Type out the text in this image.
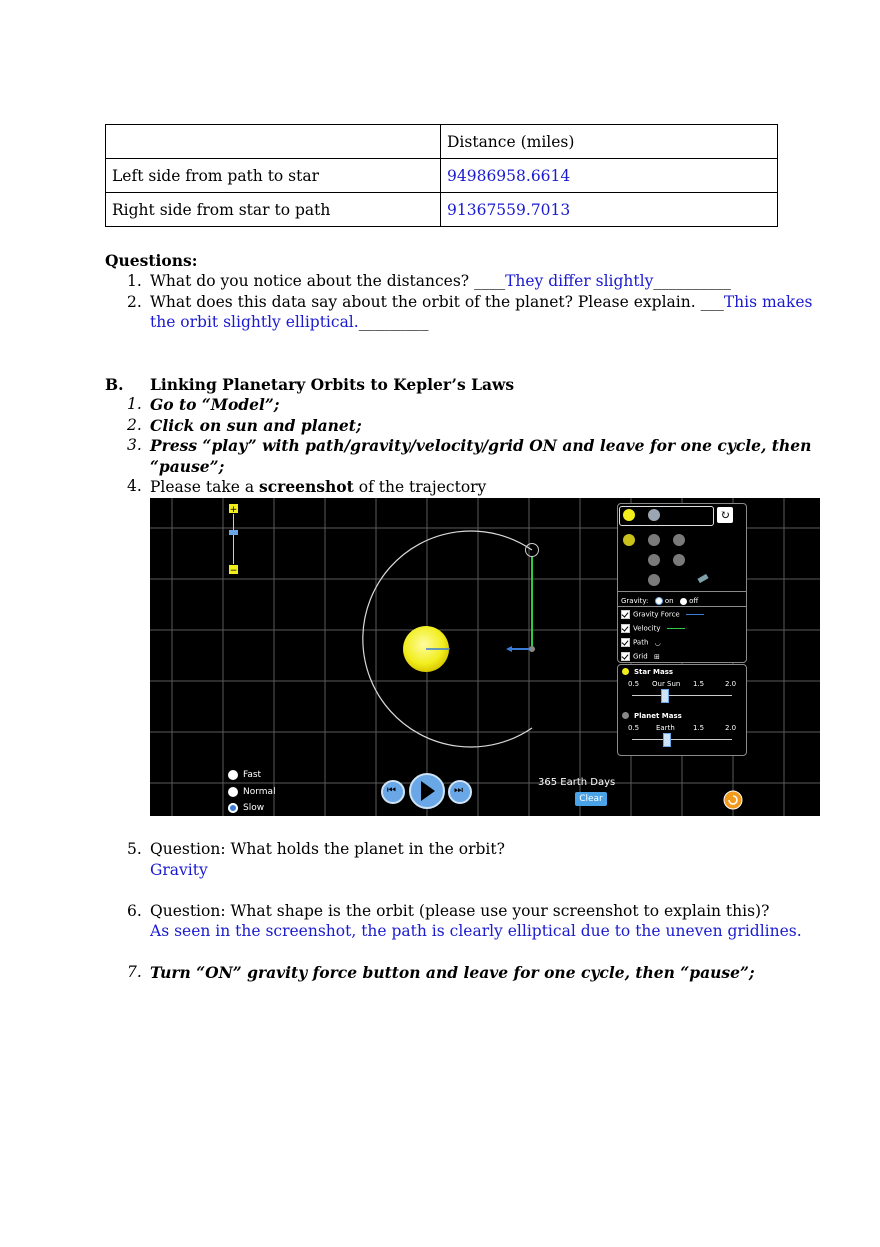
	Distance (miles)
Left side from path to star	94986958.6614
Right side from star to path	91367559.7013
Questions:
1. What do you notice about the distances? ____They differ slightly__________
2. What does this data say about the orbit of the planet? Please explain. ___This makes
the orbit slightly elliptical._________
B. Linking Planetary Orbits to Kepler’s Laws
1. Go to “Model”;
2. Click on sun and planet;
3. Press “play” with path/gravity/velocity/grid ON and leave for one cycle, then
“pause”;
4. Please take a screenshot of the trajectory
+
−
↻
Gravity: on off
Gravity Force
Velocity
Path ◡
Grid ⊞
Star Mass
0.5 Our Sun 1.5	2.0
Planet Mass
0.5 Earth	1.5	2.0
Fast
Normal
Slow
⏮	⏭
365 Earth Days
Clear
5. Question: What holds the planet in the orbit?
Gravity
6. Question: What shape is the orbit (please use your screenshot to explain this)?
As seen in the screenshot, the path is clearly elliptical due to the uneven gridlines.
7. Turn “ON” gravity force button and leave for one cycle, then “pause”;
